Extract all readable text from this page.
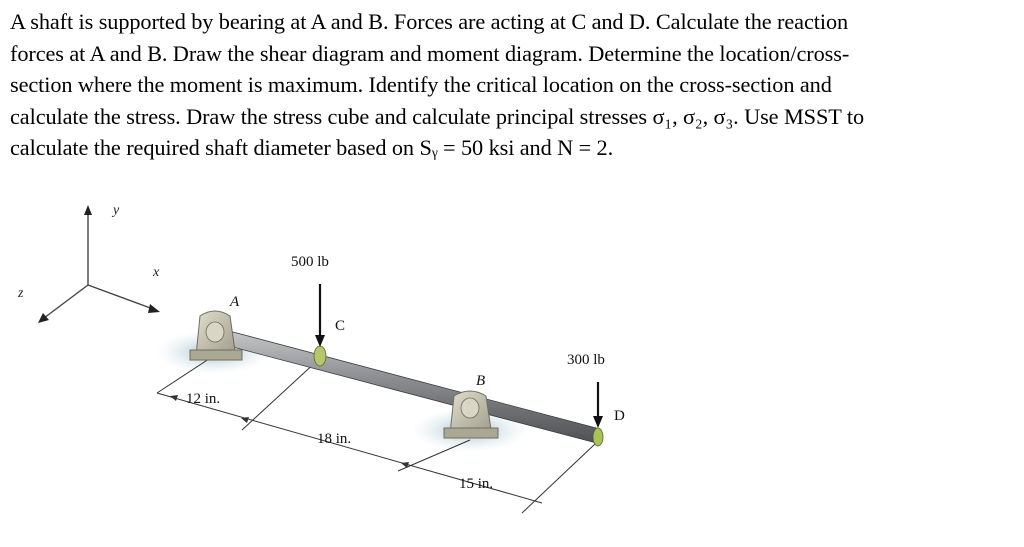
A shaft is supported by bearing at A and B. Forces are acting at C and D. Calculate the reaction
forces at A and B. Draw the shear diagram and moment diagram. Determine the location/cross-
section where the moment is maximum. Identify the critical location on the cross-section and
calculate the stress. Draw the stress cube and calculate principal stresses σ₁, σ₂, σ₃. Use MSST to
calculate the required shaft diameter based on Sᵧ = 50 ksi and N = 2.
y
x
z
500 lb
300 lb
A
C
B
D
12 in.
18 in.
15 in.
